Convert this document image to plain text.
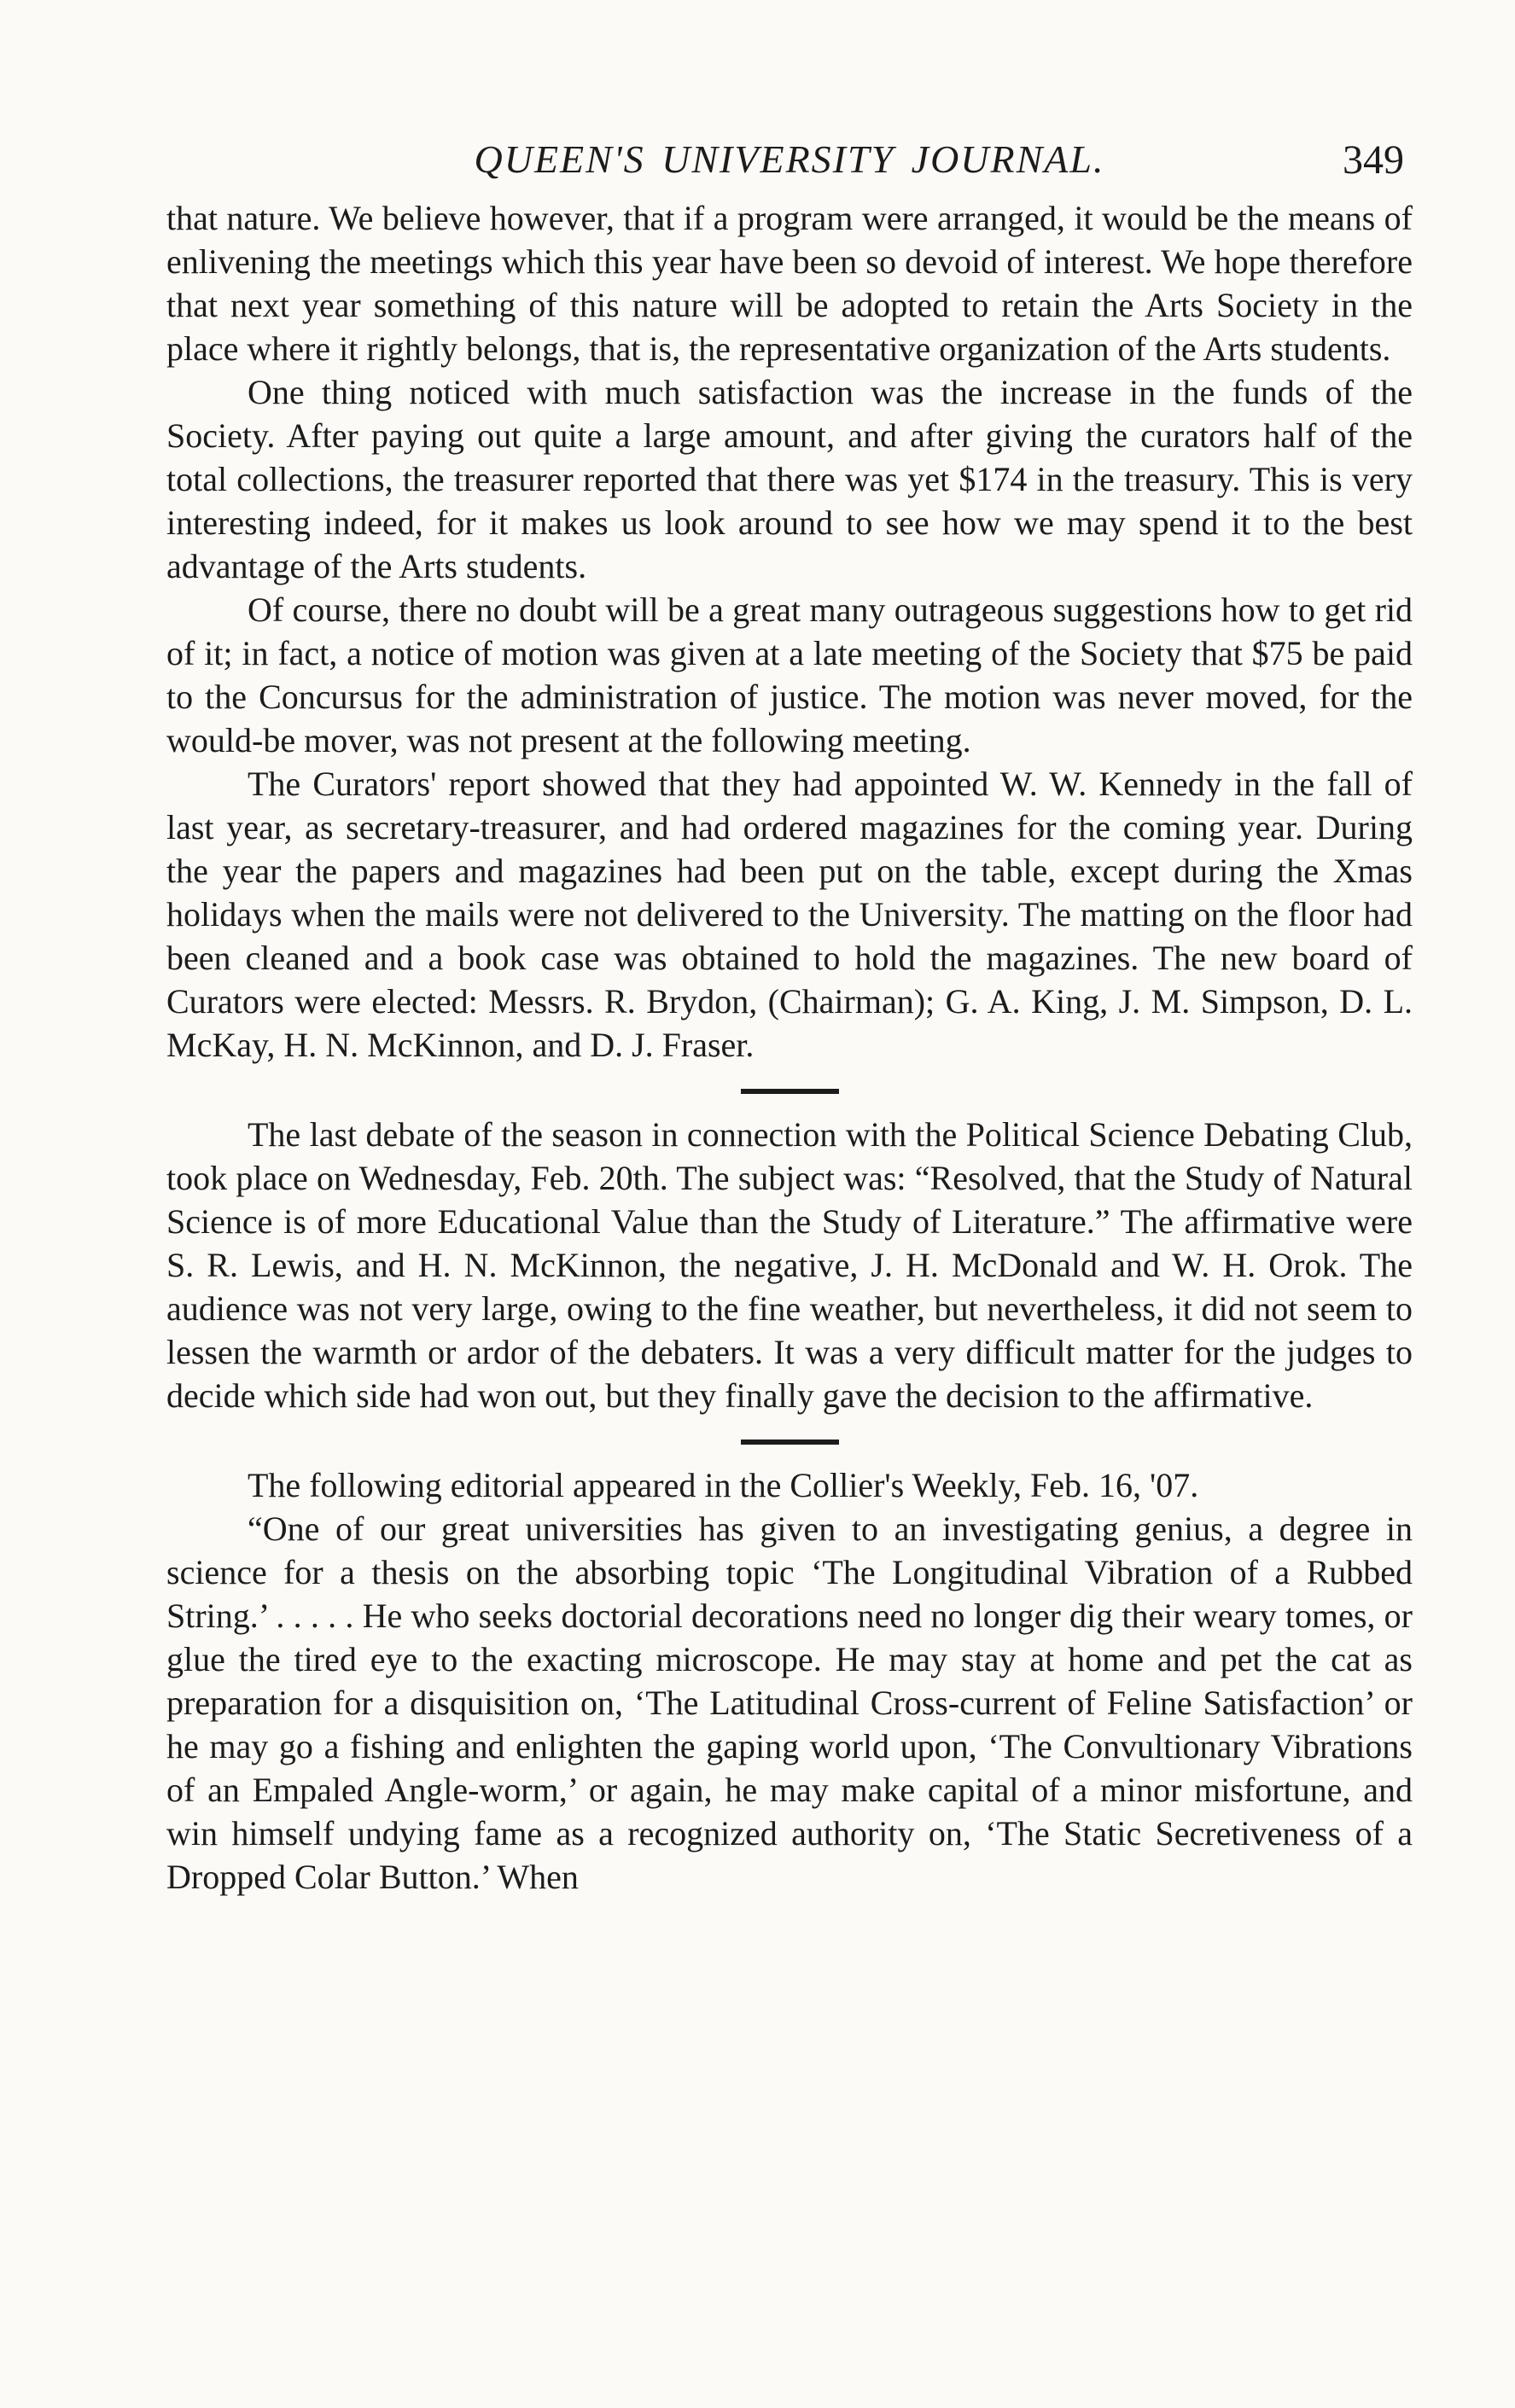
QUEEN'S UNIVERSITY JOURNAL.	349

that nature. We believe however, that if a program were arranged, it would be the means of enlivening the meetings which this year have been so devoid of interest. We hope therefore that next year something of this nature will be adopted to retain the Arts Society in the place where it rightly belongs, that is, the representative organization of the Arts students.

One thing noticed with much satisfaction was the increase in the funds of the Society. After paying out quite a large amount, and after giving the curators half of the total collections, the treasurer reported that there was yet $174 in the treasury. This is very interesting indeed, for it makes us look around to see how we may spend it to the best advantage of the Arts students.

Of course, there no doubt will be a great many outrageous suggestions how to get rid of it; in fact, a notice of motion was given at a late meeting of the Society that $75 be paid to the Concursus for the administration of justice. The motion was never moved, for the would-be mover, was not present at the following meeting.

The Curators' report showed that they had appointed W. W. Kennedy in the fall of last year, as secretary-treasurer, and had ordered magazines for the coming year. During the year the papers and magazines had been put on the table, except during the Xmas holidays when the mails were not delivered to the University. The matting on the floor had been cleaned and a book case was obtained to hold the magazines. The new board of Curators were elected: Messrs. R. Brydon, (Chairman); G. A. King, J. M. Simpson, D. L. McKay, H. N. McKinnon, and D. J. Fraser.

The last debate of the season in connection with the Political Science Debating Club, took place on Wednesday, Feb. 20th. The subject was: “Resolved, that the Study of Natural Science is of more Educational Value than the Study of Literature.” The affirmative were S. R. Lewis, and H. N. McKinnon, the negative, J. H. McDonald and W. H. Orok. The audience was not very large, owing to the fine weather, but nevertheless, it did not seem to lessen the warmth or ardor of the debaters. It was a very difficult matter for the judges to decide which side had won out, but they finally gave the decision to the affirmative.

The following editorial appeared in the Collier's Weekly, Feb. 16, '07.

“One of our great universities has given to an investigating genius, a degree in science for a thesis on the absorbing topic ‘The Longitudinal Vibration of a Rubbed String.’ . . . . . He who seeks doctorial decorations need no longer dig their weary tomes, or glue the tired eye to the exacting microscope. He may stay at home and pet the cat as preparation for a disquisition on, ‘The Latitudinal Cross-current of Feline Satisfaction’ or he may go a fishing and enlighten the gaping world upon, ‘The Convultionary Vibrations of an Empaled Angle-worm,’ or again, he may make capital of a minor misfortune, and win himself undying fame as a recognized authority on, ‘The Static Secretiveness of a Dropped Colar Button.’ When
